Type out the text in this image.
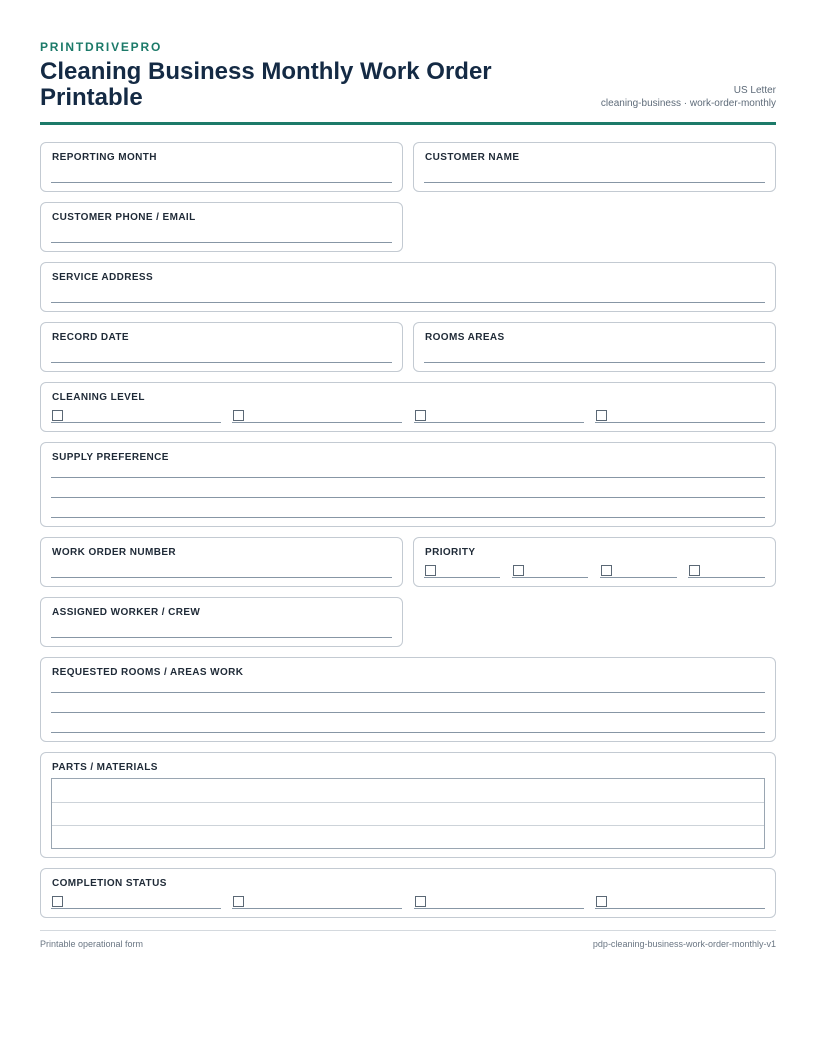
PRINTDRIVEPRO
Cleaning Business Monthly Work Order Printable	US Letter
cleaning-business · work-order-monthly
REPORTING MONTH	CUSTOMER NAME
CUSTOMER PHONE / EMAIL
SERVICE ADDRESS
RECORD DATE	ROOMS AREAS
CLEANING LEVEL
SUPPLY PREFERENCE
WORK ORDER NUMBER	PRIORITY
ASSIGNED WORKER / CREW
REQUESTED ROOMS / AREAS WORK
PARTS / MATERIALS
COMPLETION STATUS
Printable operational form	pdp-cleaning-business-work-order-monthly-v1
